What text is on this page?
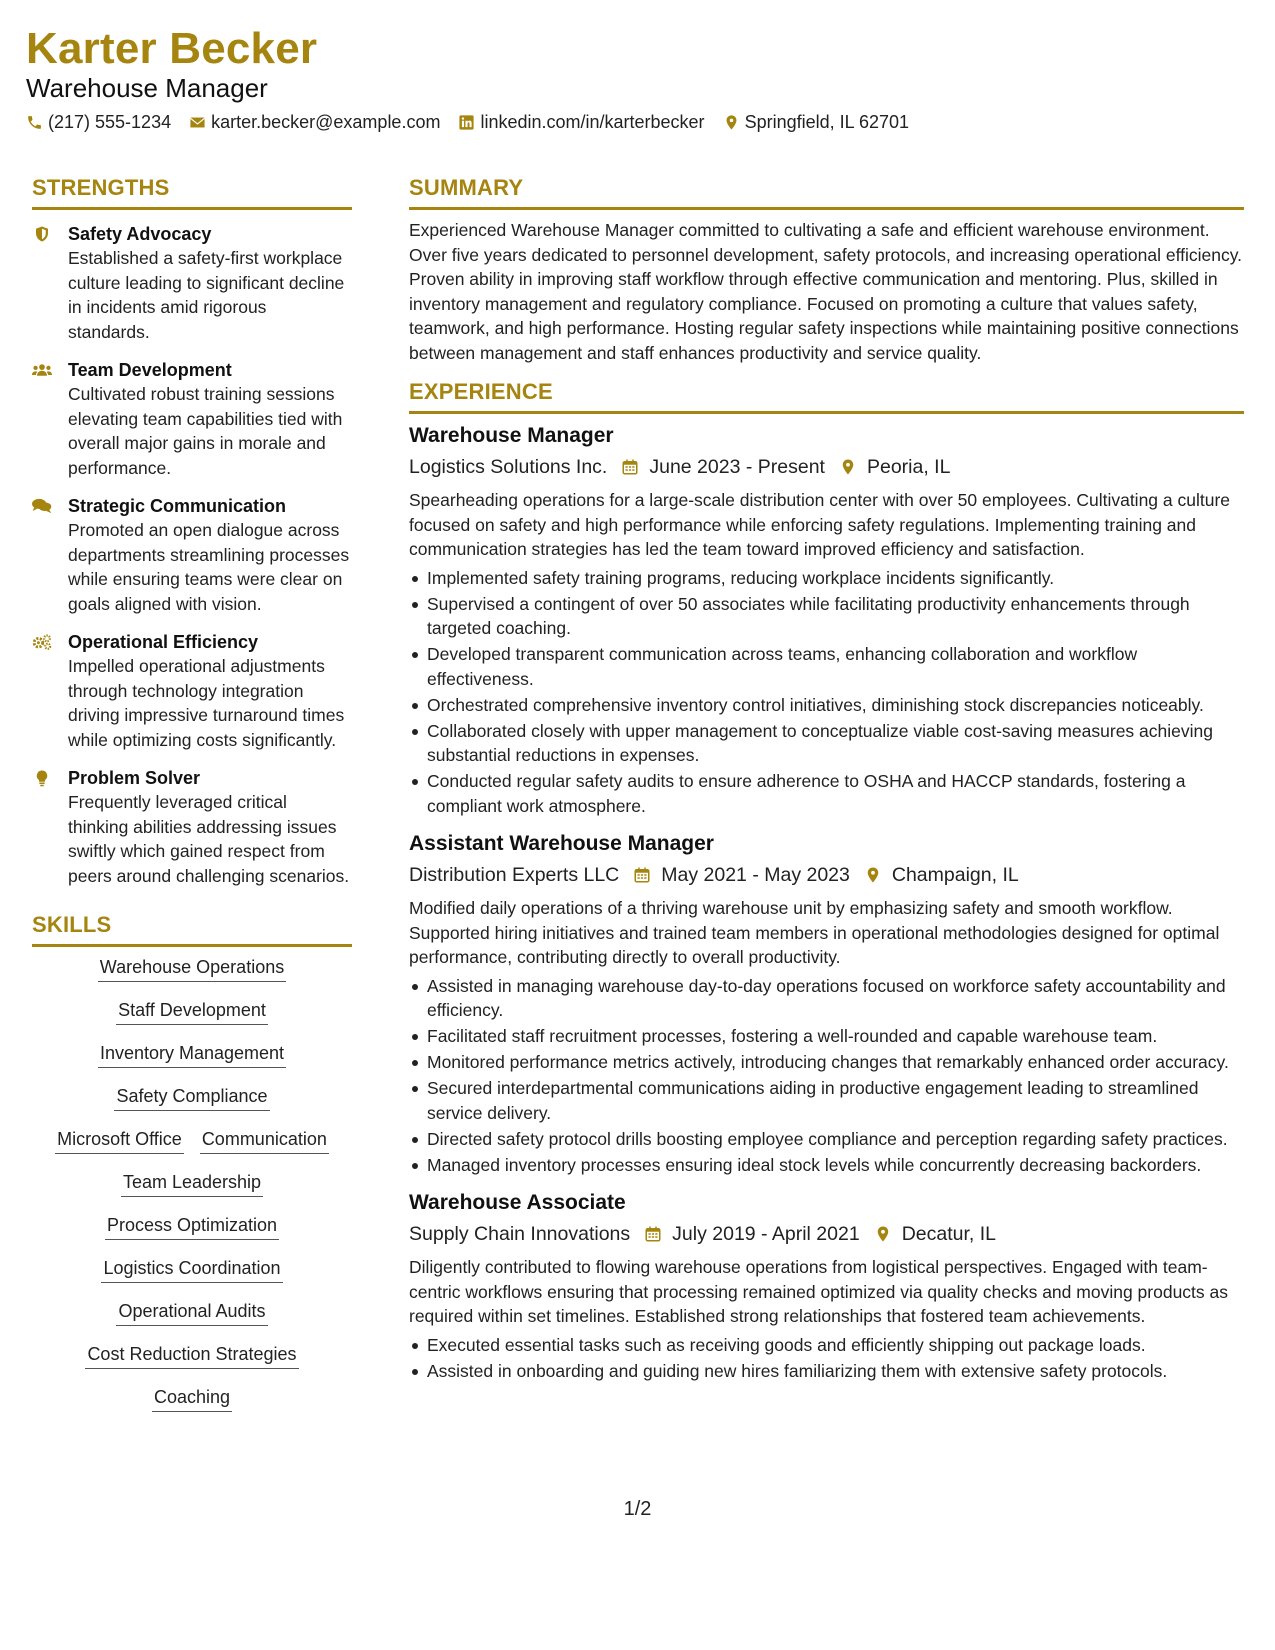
Karter Becker
Warehouse Manager
(217) 555-1234 karter.becker@example.com linkedin.com/in/karterbecker Springfield, IL 62701
STRENGTHS
Safety Advocacy
Established a safety-first workplace culture leading to significant decline in incidents amid rigorous standards.
Team Development
Cultivated robust training sessions elevating team capabilities tied with overall major gains in morale and performance.
Strategic Communication
Promoted an open dialogue across departments streamlining processes while ensuring teams were clear on goals aligned with vision.
Operational Efficiency
Impelled operational adjustments through technology integration driving impressive turnaround times while optimizing costs significantly.
Problem Solver
Frequently leveraged critical thinking abilities addressing issues swiftly which gained respect from peers around challenging scenarios.
SKILLS
Warehouse Operations
Staff Development
Inventory Management
Safety Compliance
Microsoft Office Communication
Team Leadership
Process Optimization
Logistics Coordination
Operational Audits
Cost Reduction Strategies
Coaching
SUMMARY
Experienced Warehouse Manager committed to cultivating a safe and efficient warehouse environment. Over five years dedicated to personnel development, safety protocols, and increasing operational efficiency. Proven ability in improving staff workflow through effective communication and mentoring. Plus, skilled in inventory management and regulatory compliance. Focused on promoting a culture that values safety, teamwork, and high performance. Hosting regular safety inspections while maintaining positive connections between management and staff enhances productivity and service quality.
EXPERIENCE
Warehouse Manager
Logistics Solutions Inc. June 2023 - Present Peoria, IL
Spearheading operations for a large-scale distribution center with over 50 employees. Cultivating a culture focused on safety and high performance while enforcing safety regulations. Implementing training and communication strategies has led the team toward improved efficiency and satisfaction.
Implemented safety training programs, reducing workplace incidents significantly.
Supervised a contingent of over 50 associates while facilitating productivity enhancements through targeted coaching.
Developed transparent communication across teams, enhancing collaboration and workflow effectiveness.
Orchestrated comprehensive inventory control initiatives, diminishing stock discrepancies noticeably.
Collaborated closely with upper management to conceptualize viable cost-saving measures achieving substantial reductions in expenses.
Conducted regular safety audits to ensure adherence to OSHA and HACCP standards, fostering a compliant work atmosphere.
Assistant Warehouse Manager
Distribution Experts LLC May 2021 - May 2023 Champaign, IL
Modified daily operations of a thriving warehouse unit by emphasizing safety and smooth workflow. Supported hiring initiatives and trained team members in operational methodologies designed for optimal performance, contributing directly to overall productivity.
Assisted in managing warehouse day-to-day operations focused on workforce safety accountability and efficiency.
Facilitated staff recruitment processes, fostering a well-rounded and capable warehouse team.
Monitored performance metrics actively, introducing changes that remarkably enhanced order accuracy.
Secured interdepartmental communications aiding in productive engagement leading to streamlined service delivery.
Directed safety protocol drills boosting employee compliance and perception regarding safety practices.
Managed inventory processes ensuring ideal stock levels while concurrently decreasing backorders.
Warehouse Associate
Supply Chain Innovations July 2019 - April 2021 Decatur, IL
Diligently contributed to flowing warehouse operations from logistical perspectives. Engaged with team-centric workflows ensuring that processing remained optimized via quality checks and moving products as required within set timelines. Established strong relationships that fostered team achievements.
Executed essential tasks such as receiving goods and efficiently shipping out package loads.
Assisted in onboarding and guiding new hires familiarizing them with extensive safety protocols.
1/2
